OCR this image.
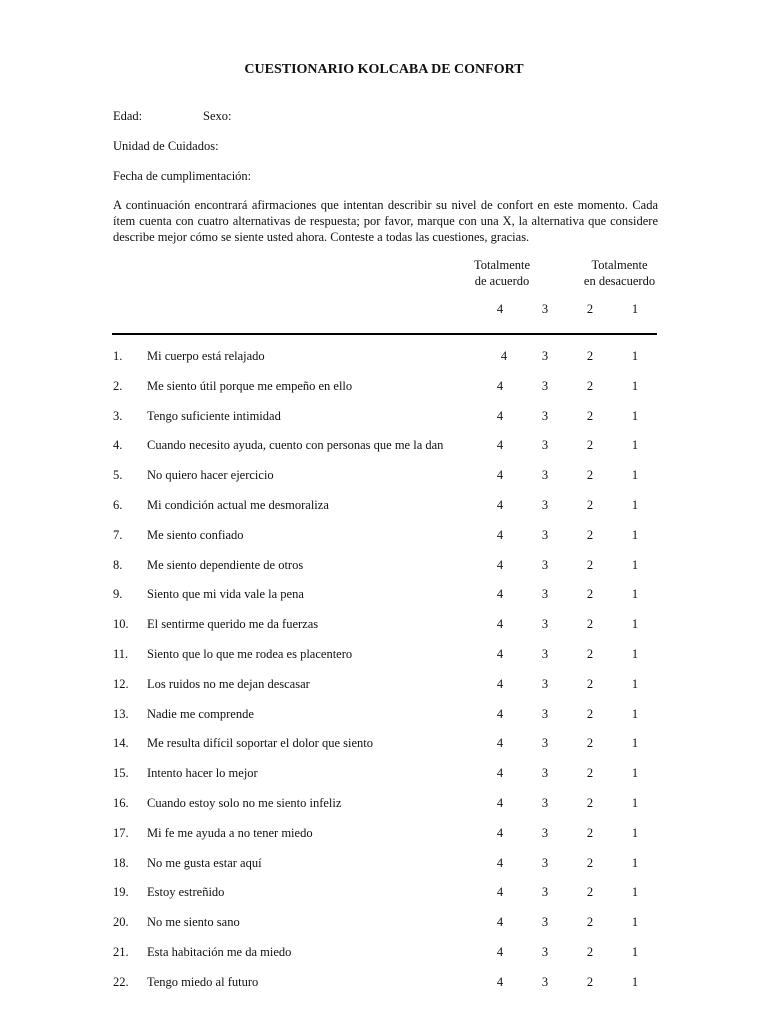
CUESTIONARIO KOLCABA DE CONFORT
Edad:	Sexo:
Unidad de Cuidados:
Fecha de cumplimentación:
A continuación encontrará afirmaciones que intentan describir su nivel de confort en este momento. Cada ítem cuenta con cuatro alternativas de respuesta; por favor, marque con una X, la alternativa que considere describe mejor cómo se siente usted ahora. Conteste a todas las cuestiones, gracias.
Totalmente
de acuerdo
Totalmente
en desacuerdo
4	3	2	1
1. Mi cuerpo está relajado	4	3	2	1
2. Me siento útil porque me empeño en ello	4	3	2	1
3. Tengo suficiente intimidad	4	3	2	1
4. Cuando necesito ayuda, cuento con personas que me la dan	4	3	2	1
5. No quiero hacer ejercicio	4	3	2	1
6. Mi condición actual me desmoraliza	4	3	2	1
7. Me siento confiado	4	3	2	1
8. Me siento dependiente de otros	4	3	2	1
9. Siento que mi vida vale la pena	4	3	2	1
10. El sentirme querido me da fuerzas	4	3	2	1
11. Siento que lo que me rodea es placentero	4	3	2	1
12. Los ruidos no me dejan descasar	4	3	2	1
13. Nadie me comprende	4	3	2	1
14. Me resulta difícil soportar el dolor que siento	4	3	2	1
15. Intento hacer lo mejor	4	3	2	1
16. Cuando estoy solo no me siento infeliz	4	3	2	1
17. Mi fe me ayuda a no tener miedo	4	3	2	1
18. No me gusta estar aquí	4	3	2	1
19. Estoy estreñido	4	3	2	1
20. No me siento sano	4	3	2	1
21. Esta habitación me da miedo	4	3	2	1
22. Tengo miedo al futuro	4	3	2	1
